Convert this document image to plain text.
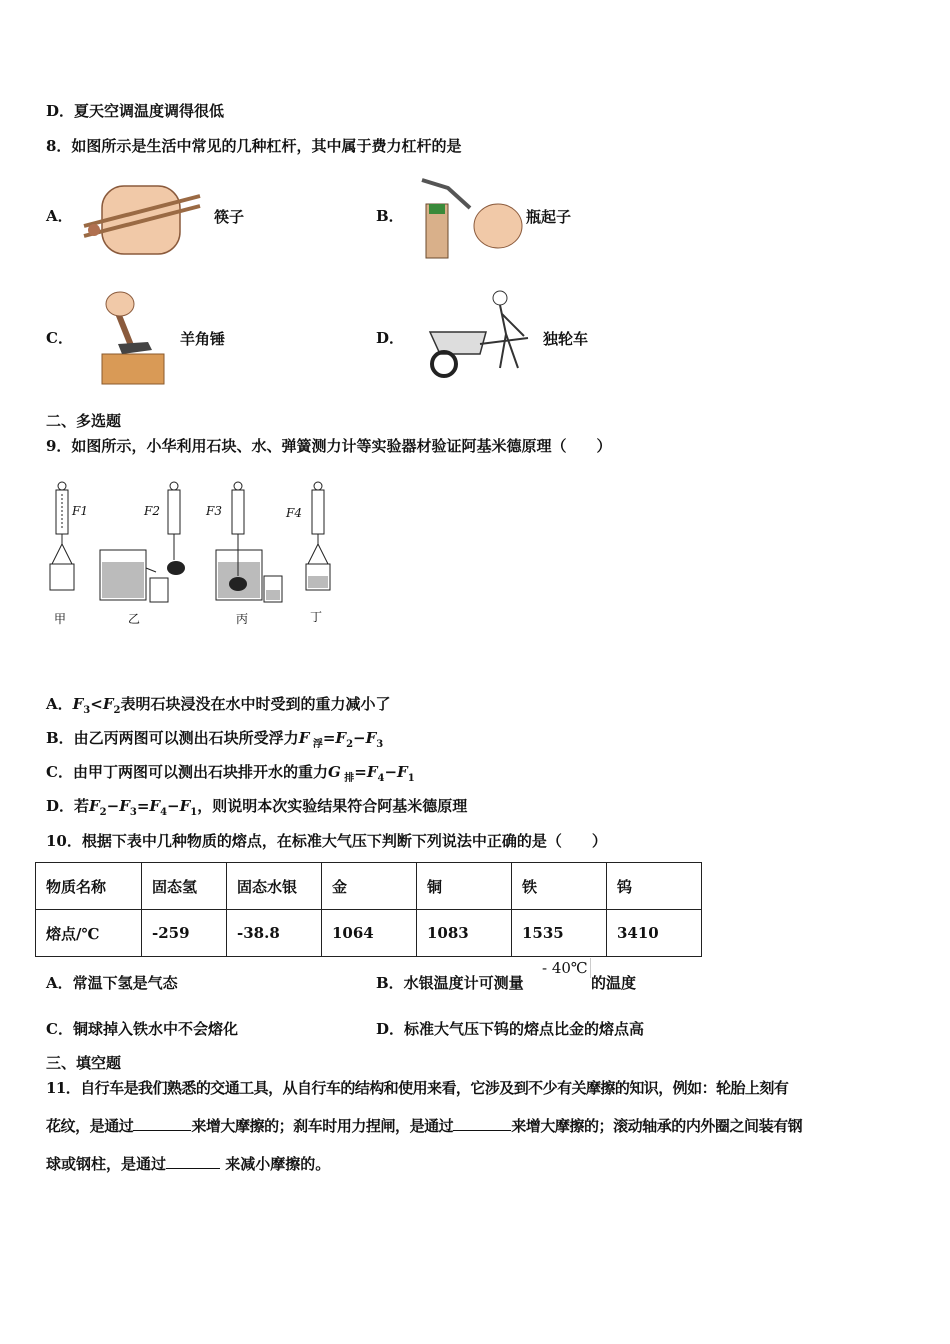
D．夏天空调温度调得很低
8．如图所示是生活中常见的几种杠杆，其中属于费力杠杆的是
A．	筷子	B．	瓶起子
C．	羊角锤	D．	独轮车
二、多选题
9．如图所示，小华利用石块、水、弹簧测力计等实验器材验证阿基米德原理（　　）
F1	F2	F3	F4
甲	乙	丙	丁
A．$F_3<F_2$表明石块浸没在水中时受到的重力减小了
B．由乙丙两图可以测出石块所受浮力F $_浮=F_2-F_3$
C．由甲丁两图可以测出石块排开水的重力G $_排=F_4-F_1$
D．若$F_2-F_3=F_4-F_1$，则说明本次实验结果符合阿基米德原理
10．根据下表中几种物质的熔点，在标准大气压下判断下列说法中正确的是（　　）
物质名称	固态氢	固态水银	金	铜	铁	钨
熔点/℃	-259	-38.8	1064	1083	1535	3410
A．常温下氢是气态	B．水银温度计可测量
- 40℃
的温度
C．铜球掉入铁水中不会熔化	D．标准大气压下钨的熔点比金的熔点高
三、填空题
11．自行车是我们熟悉的交通工具，从自行车的结构和使用来看，它涉及到不少有关摩擦的知识，例如：轮胎上刻有
花纹，是通过	来增大摩擦的；刹车时用力捏闸，是通过	来增大摩擦的；滚动轴承的内外圈之间装有钢
球或钢柱，是通过	来减小摩擦的。
